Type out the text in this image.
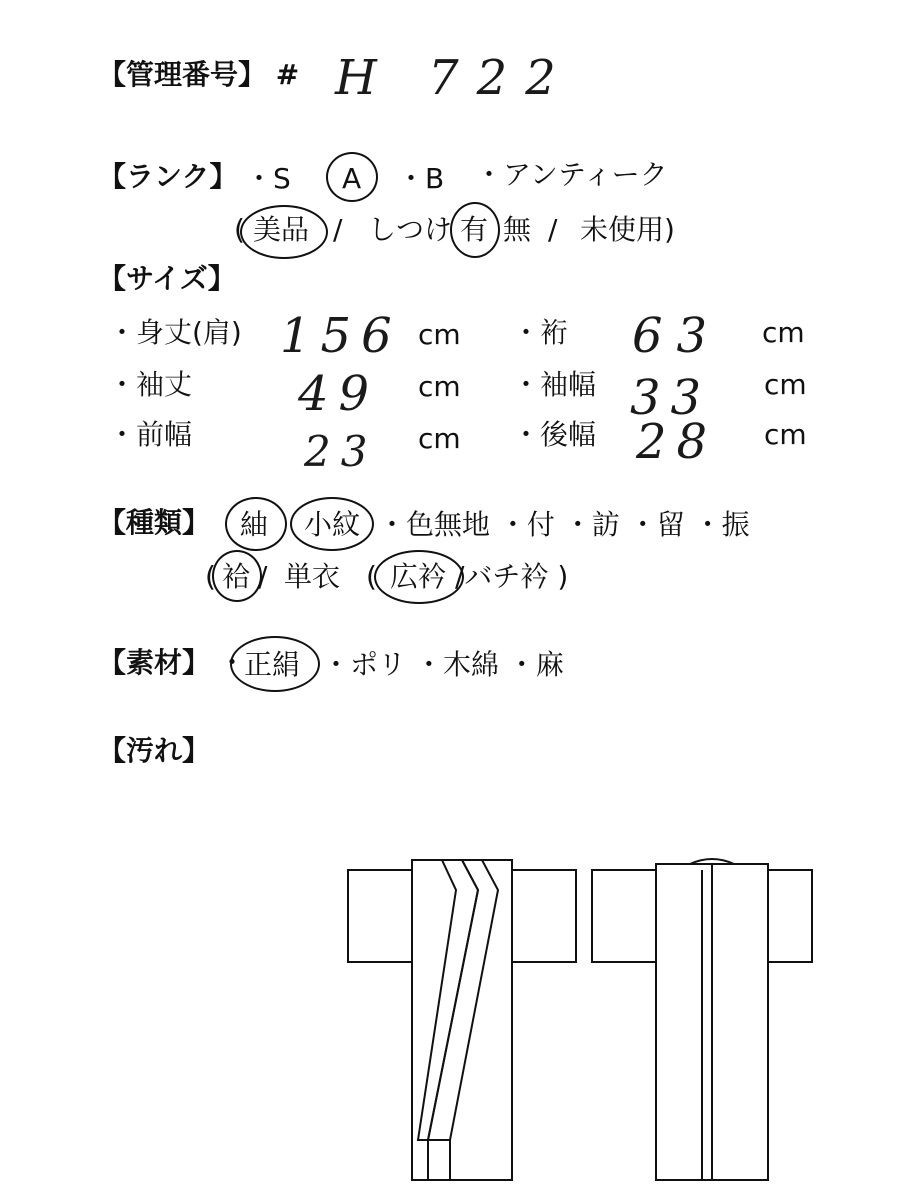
【管理番号】 # H 722
【ランク】 ・S A ・B ・アンティーク
( 美品 / しつけ 有 無 / 未使用)
【サイズ】
・身丈(肩) 156 cm ・裄 63 cm
・袖丈 49 cm ・袖幅 33 cm
・前幅	23 cm ・後幅 28 cm
【種類】 紬 小紋 ・色無地 ・付 ・訪 ・留 ・振
( 袷 / 単衣 ( 広衿 /バチ衿 )
【素材】 ・
正絹 ・ポリ ・木綿 ・麻
【汚れ】
